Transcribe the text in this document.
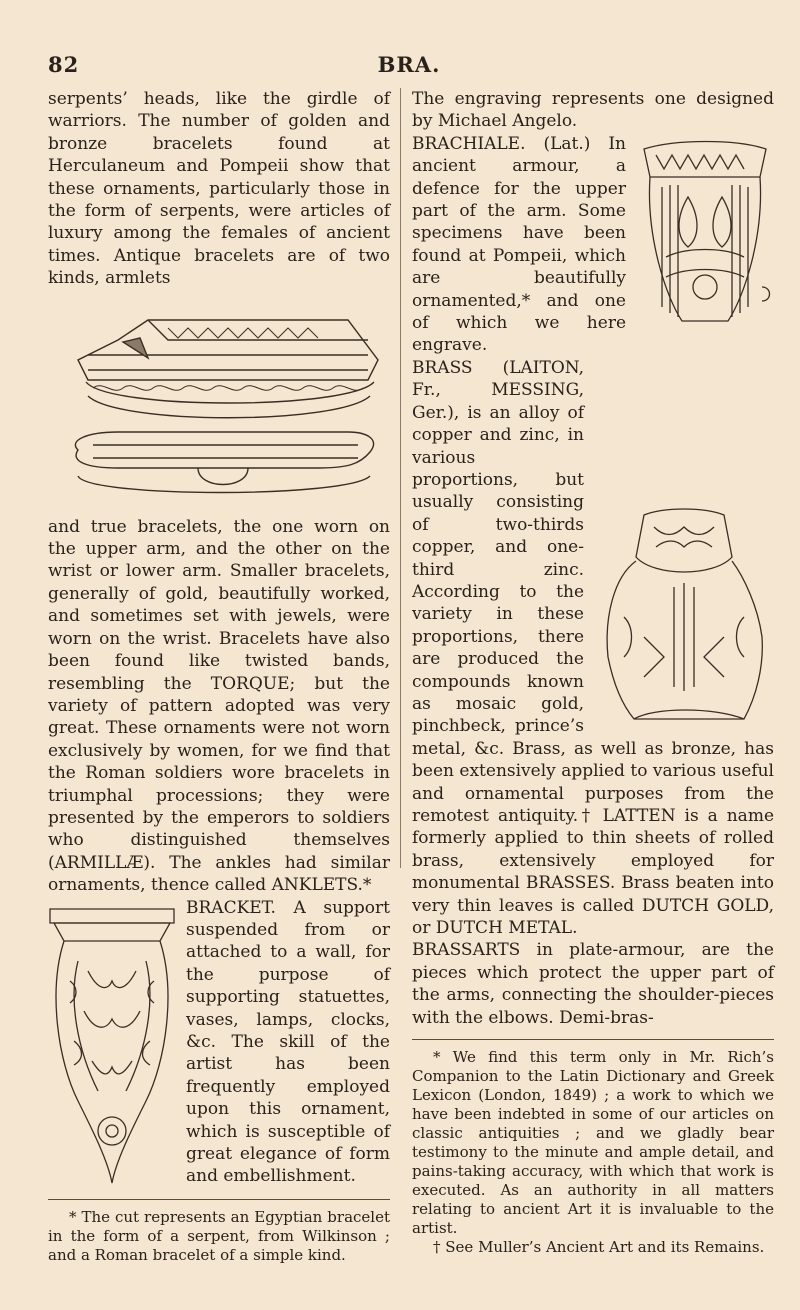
82	BRA.

serpents’ heads, like the girdle of warriors. The number of golden and bronze bracelets found at Herculaneum and Pompeii show that these ornaments, particularly those in the form of serpents, were articles of luxury among the females of ancient times. Antique bracelets are of two kinds, armlets

and true bracelets, the one worn on the upper arm, and the other on the wrist or lower arm. Smaller bracelets, generally of gold, beautifully worked, and sometimes set with jewels, were worn on the wrist. Bracelets have also been found like twisted bands, resembling the TORQUE; but the variety of pattern adopted was very great. These ornaments were not worn exclusively by women, for we find that the Roman soldiers wore bracelets in triumphal processions; they were presented by the emperors to soldiers who distinguished themselves (ARMILLÆ). The ankles had similar ornaments, thence called ANKLETS.*

BRACKET. A support suspended from or attached to a wall, for the purpose of supporting statuettes, vases, lamps, clocks, &c. The skill of the artist has been frequently employed upon this ornament, which is susceptible of great elegance of form and embellishment.

* The cut represents an Egyptian bracelet in the form of a serpent, from Wilkinson ; and a Roman bracelet of a simple kind.

The engraving represents one designed by Michael Angelo.

BRACHIALE. (Lat.) In ancient armour, a defence for the upper part of the arm. Some specimens have been found at Pompeii, which are beautifully ornamented,* and one of which we here engrave.

BRASS (LAITON, Fr., MESSING, Ger.), is an alloy of copper and zinc, in various proportions, but usually consisting of two-thirds copper, and one-third zinc. According to the variety in these proportions, there are produced the compounds known as mosaic gold, pinchbeck, prince’s metal, &c. Brass, as well as bronze, has been extensively applied to various useful and ornamental purposes from the remotest antiquity.† LATTEN is a name formerly applied to thin sheets of rolled brass, extensively employed for monumental BRASSES. Brass beaten into very thin leaves is called DUTCH GOLD, or DUTCH METAL.

BRASSARTS in plate-armour, are the pieces which protect the upper part of the arms, connecting the shoulder-pieces with the elbows. Demi-bras-

* We find this term only in Mr. Rich’s Companion to the Latin Dictionary and Greek Lexicon (London, 1849) ; a work to which we have been indebted in some of our articles on classic antiquities ; and we gladly bear testimony to the minute and ample detail, and pains-taking accuracy, with which that work is executed. As an authority in all matters relating to ancient Art it is invaluable to the artist.

† See Muller’s Ancient Art and its Remains.
